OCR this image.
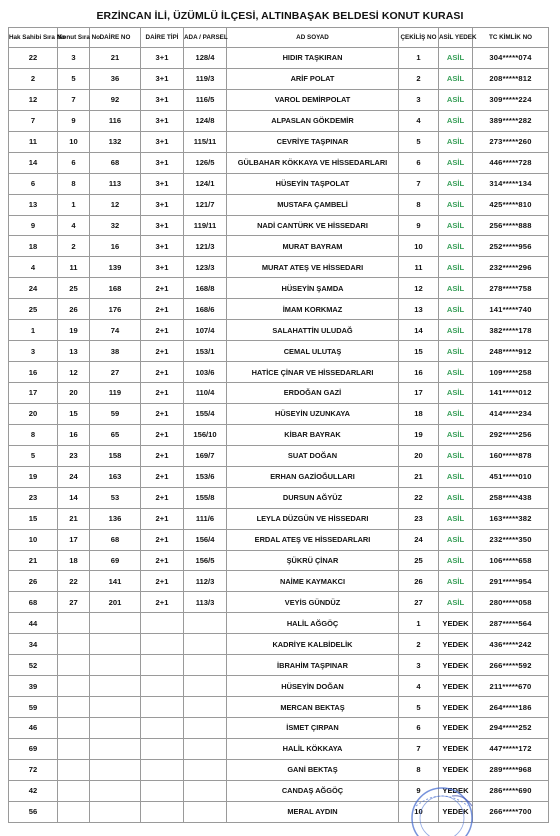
ERZİNCAN İLİ, ÜZÜMLÜ İLÇESİ, ALTINBAŞAK BELDESİ KONUT KURASI
Hak Sahibi Sıra No	Konut Sıra No	DAİRE NO	DAİRE TİPİ	ADA / PARSEL	AD SOYAD	ÇEKİLİŞ NO	ASİL YEDEK	TC KİMLİK NO
22	3	21	3+1	128/4	HIDIR TAŞKIRAN	1	ASİL	304*****074
2	5	36	3+1	119/3	ARİF POLAT	2	ASİL	208*****812
12	7	92	3+1	116/5	VAROL DEMİRPOLAT	3	ASİL	309*****224
7	9	116	3+1	124/8	ALPASLAN GÖKDEMİR	4	ASİL	389*****282
11	10	132	3+1	115/11	CEVRİYE TAŞPINAR	5	ASİL	273*****260
14	6	68	3+1	126/5	GÜLBAHAR KÖKKAYA VE HİSSEDARLARI	6	ASİL	446*****728
6	8	113	3+1	124/1	HÜSEYİN TAŞPOLAT	7	ASİL	314*****134
13	1	12	3+1	121/7	MUSTAFA ÇAMBELİ	8	ASİL	425*****810
9	4	32	3+1	119/11	NADİ CANTÜRK VE HİSSEDARI	9	ASİL	256*****888
18	2	16	3+1	121/3	MURAT BAYRAM	10	ASİL	252*****956
4	11	139	3+1	123/3	MURAT ATEŞ VE HİSSEDARI	11	ASİL	232*****296
24	25	168	2+1	168/8	HÜSEYİN ŞAMDA	12	ASİL	278*****758
25	26	176	2+1	168/6	İMAM KORKMAZ	13	ASİL	141*****740
1	19	74	2+1	107/4	SALAHATTİN ULUDAĞ	14	ASİL	382*****178
3	13	38	2+1	153/1	CEMAL ULUTAŞ	15	ASİL	248*****912
16	12	27	2+1	103/6	HATİCE ÇİNAR VE HİSSEDARLARI	16	ASİL	109*****258
17	20	119	2+1	110/4	ERDOĞAN GAZİ	17	ASİL	141*****012
20	15	59	2+1	155/4	HÜSEYİN UZUNKAYA	18	ASİL	414*****234
8	16	65	2+1	156/10	KİBAR BAYRAK	19	ASİL	292*****256
5	23	158	2+1	169/7	SUAT DOĞAN	20	ASİL	160*****878
19	24	163	2+1	153/6	ERHAN GAZİOĞULLARI	21	ASİL	451*****010
23	14	53	2+1	155/8	DURSUN AĞYÜZ	22	ASİL	258*****438
15	21	136	2+1	111/6	LEYLA DÜZGÜN VE HİSSEDARI	23	ASİL	163*****382
10	17	68	2+1	156/4	ERDAL ATEŞ VE HİSSEDARLARI	24	ASİL	232*****350
21	18	69	2+1	156/5	ŞÜKRÜ ÇİNAR	25	ASİL	106*****658
26	22	141	2+1	112/3	NAİME KAYMAKCI	26	ASİL	291*****954
68	27	201	2+1	113/3	VEYİS GÜNDÜZ	27	ASİL	280*****058
44					HALİL AĞGÖÇ	1	YEDEK	287*****564
34					KADRİYE KALBİDELİK	2	YEDEK	436*****242
52					İBRAHİM TAŞPINAR	3	YEDEK	266*****592
39					HÜSEYİN DOĞAN	4	YEDEK	211*****670
59					MERCAN BEKTAŞ	5	YEDEK	264*****186
46					İSMET ÇIRPAN	6	YEDEK	294*****252
69					HALİL KÖKKAYA	7	YEDEK	447*****172
72					GANİ BEKTAŞ	8	YEDEK	289*****968
42					CANDAŞ AĞGÖÇ	9	YEDEK	286*****690
56					MERAL AYDIN	10	YEDEK	266*****700
